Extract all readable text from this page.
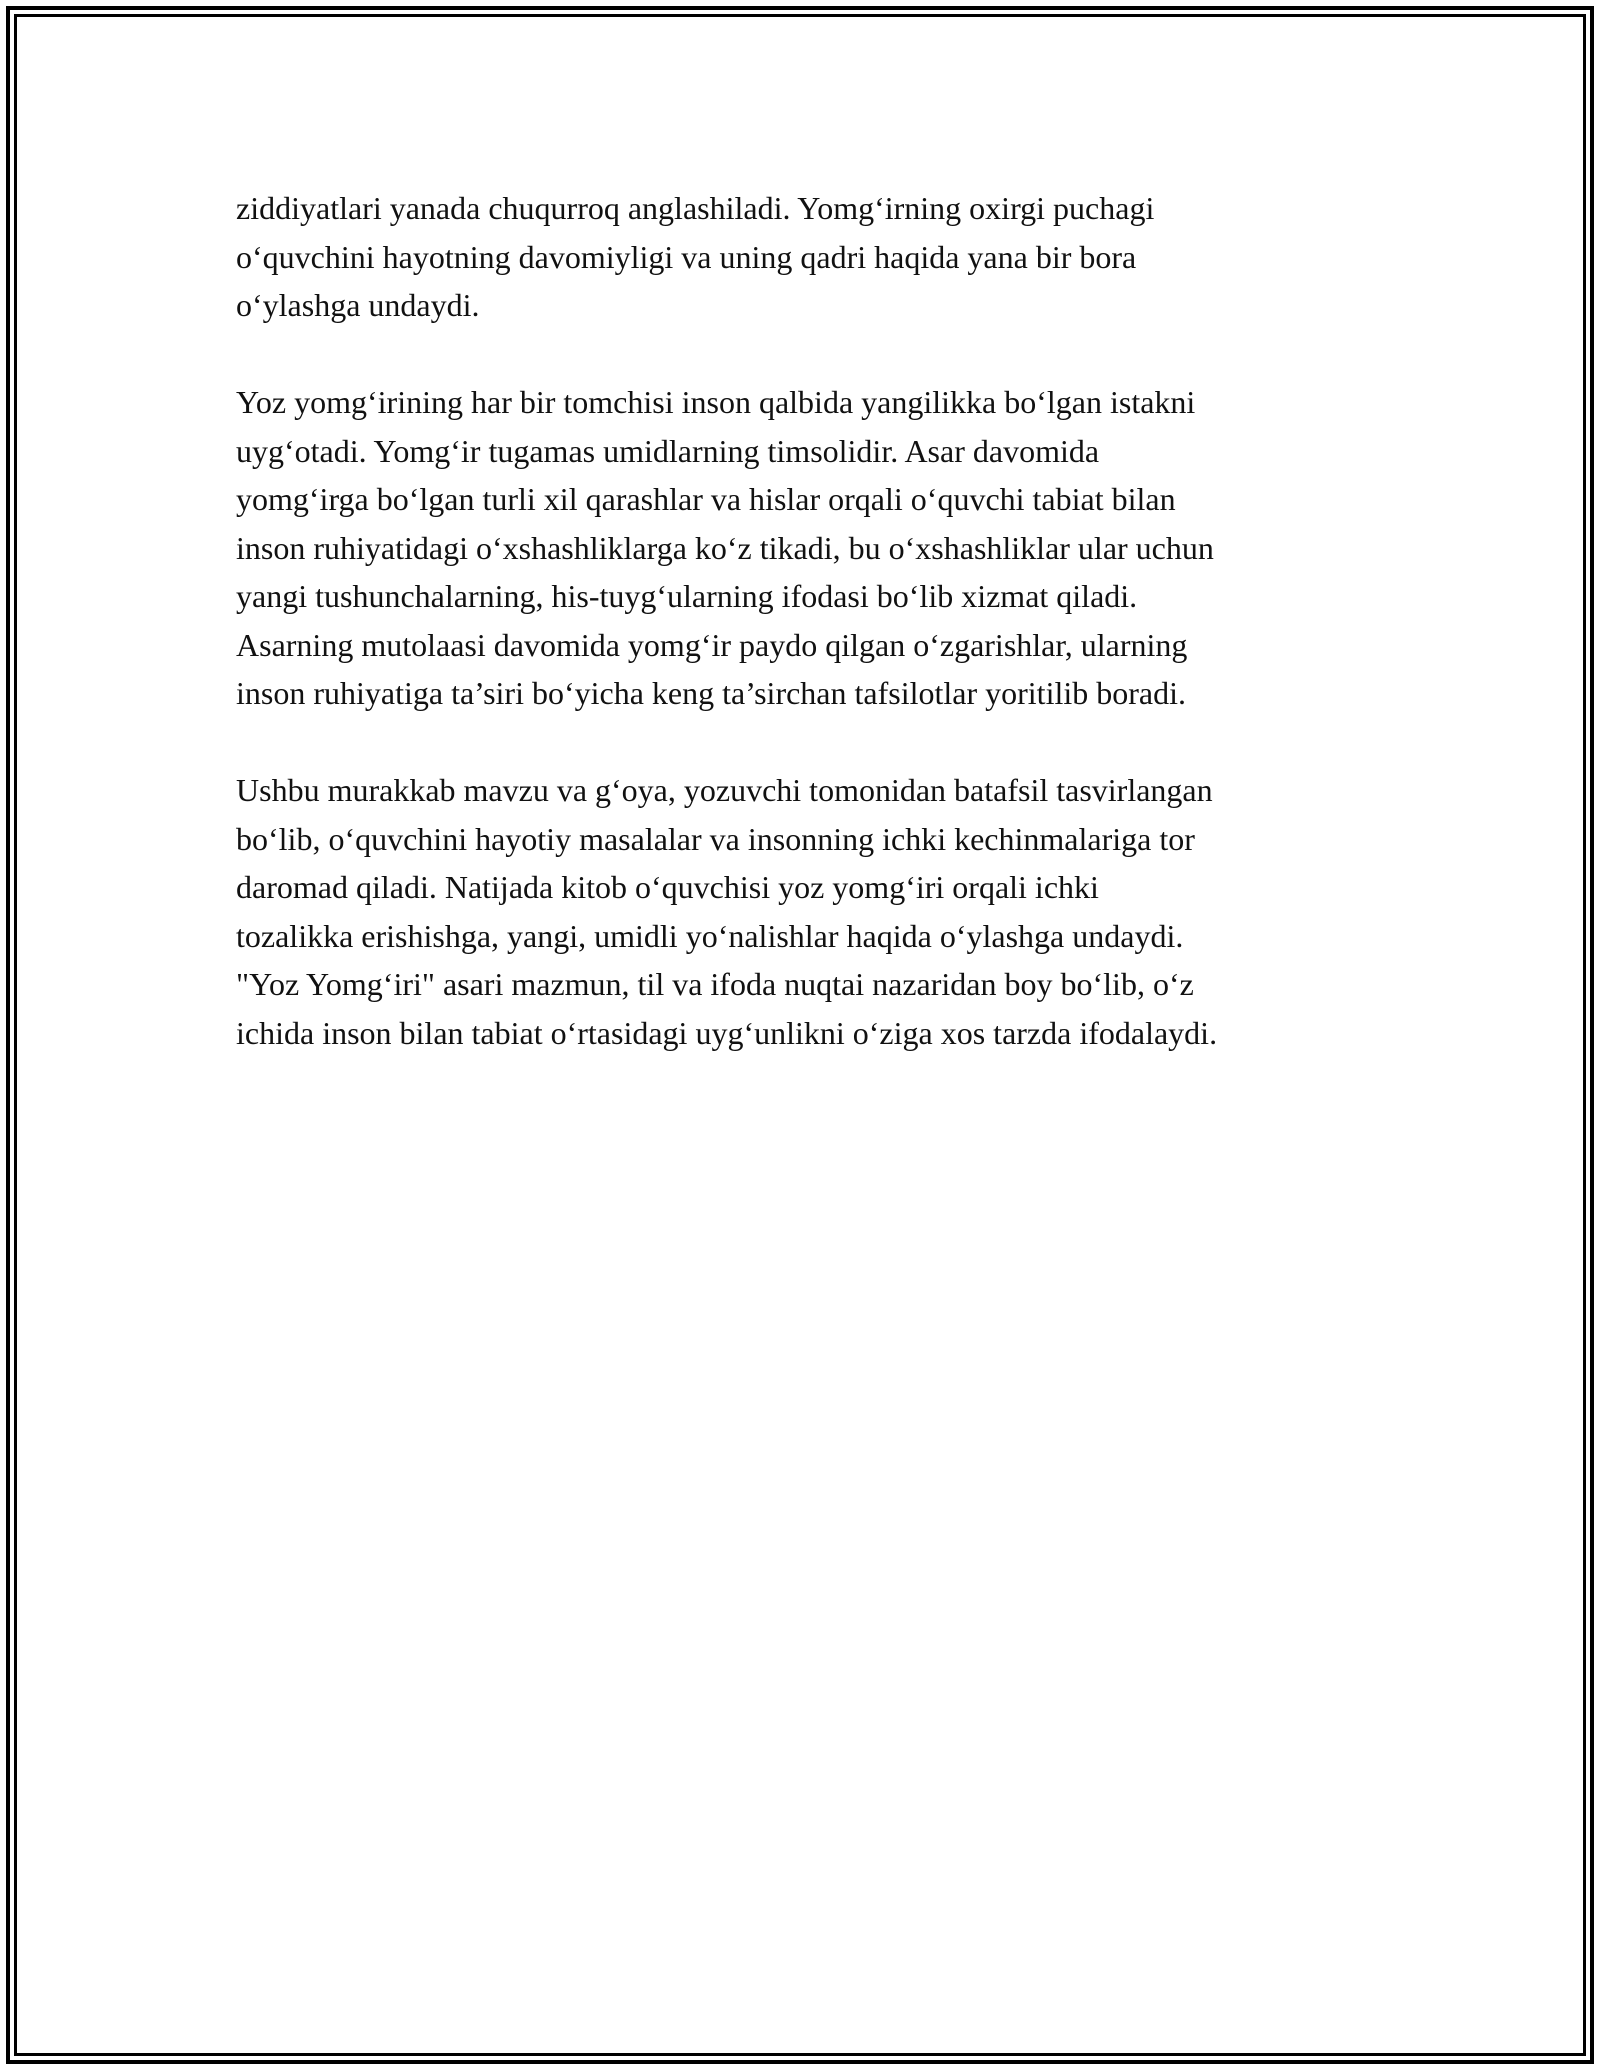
ziddiyatlari yanada chuqurroq anglashiladi. Yomg‘irning oxirgi puchagi
o‘quvchini hayotning davomiyligi va uning qadri haqida yana bir bora
o‘ylashga undaydi.

Yoz yomg‘irining har bir tomchisi inson qalbida yangilikka bo‘lgan istakni
uyg‘otadi. Yomg‘ir tugamas umidlarning timsolidir. Asar davomida
yomg‘irga bo‘lgan turli xil qarashlar va hislar orqali o‘quvchi tabiat bilan
inson ruhiyatidagi o‘xshashliklarga ko‘z tikadi, bu o‘xshashliklar ular uchun
yangi tushunchalarning, his-tuyg‘ularning ifodasi bo‘lib xizmat qiladi.
Asarning mutolaasi davomida yomg‘ir paydo qilgan o‘zgarishlar, ularning
inson ruhiyatiga ta’siri bo‘yicha keng ta’sirchan tafsilotlar yoritilib boradi.

Ushbu murakkab mavzu va g‘oya, yozuvchi tomonidan batafsil tasvirlangan
bo‘lib, o‘quvchini hayotiy masalalar va insonning ichki kechinmalariga tor
daromad qiladi. Natijada kitob o‘quvchisi yoz yomg‘iri orqali ichki
tozalikka erishishga, yangi, umidli yo‘nalishlar haqida o‘ylashga undaydi.
"Yoz Yomg‘iri" asari mazmun, til va ifoda nuqtai nazaridan boy bo‘lib, o‘z
ichida inson bilan tabiat o‘rtasidagi uyg‘unlikni o‘ziga xos tarzda ifodalaydi.
